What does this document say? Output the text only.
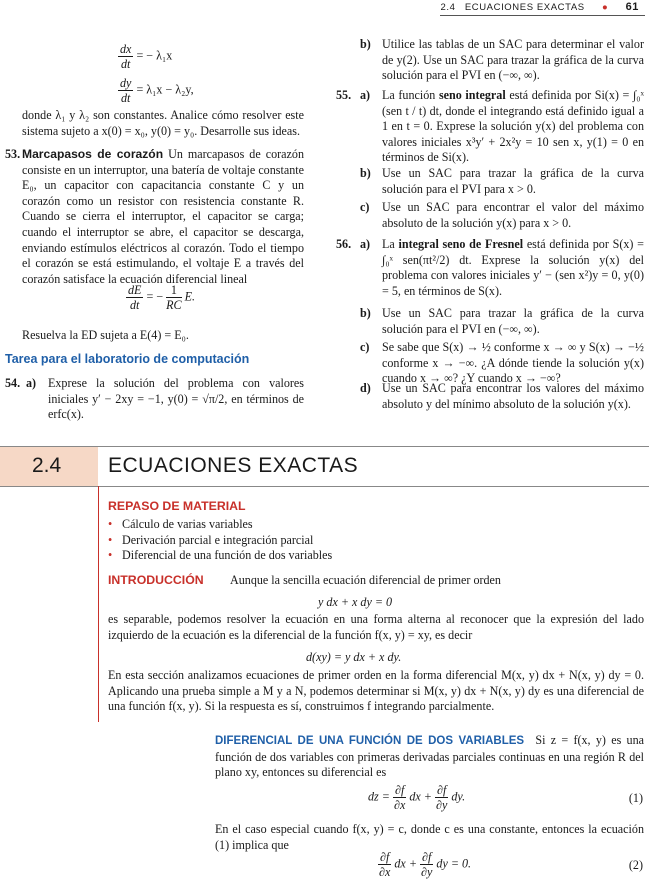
2.4 ECUACIONES EXACTAS ● 61
$\frac{dx}{dt}$ = − λ₁x
$\frac{dy}{dt} = \lambda_1x - \lambda_2y$,
donde λ₁ y λ₂ son constantes. Analice cómo resolver este sistema sujeto a x(0) = x₀, y(0) = y₀. Desarrolle sus ideas.
53. Marcapasos de corazón Un marcapasos de corazón consiste en un interruptor, una batería de voltaje constante E₀, un capacitor con capacitancia constante C y un corazón como un resistor con resistencia constante R. Cuando se cierra el interruptor, el capacitor se carga; cuando el interruptor se abre, el capacitor se descarga, enviando estímulos eléctricos al corazón. Todo el tiempo el corazón se está estimulando, el voltaje E a través del corazón satisface la ecuación diferencial lineal
$\frac{dE}{dt}$ = − $\frac{1}{RC} E$.
Resuelva la ED sujeta a E(4) = E₀.
Tarea para el laboratorio de computación
54. a) Exprese la solución del problema con valores iniciales y′ − 2xy = −1, y(0) = √π/2, en términos de erfc(x).
b) Utilice las tablas de un SAC para determinar el valor de y(2). Use un SAC para trazar la gráfica de la curva solución para el PVI en (−∞, ∞).
55. a) La función seno integral está definida por Si(x) = ∫₀ˣ (sen t / t) dt, donde el integrando está definido igual a 1 en t = 0. Exprese la solución y(x) del problema con valores iniciales x³y′ + 2x²y = 10 sen x, y(1) = 0 en términos de Si(x).
b) Use un SAC para trazar la gráfica de la curva solución para el PVI para x > 0.
c) Use un SAC para encontrar el valor del máximo absoluto de la solución y(x) para x > 0.
56. a) La integral seno de Fresnel está definida por S(x) = ∫₀ˣ sen(πt²/2) dt. Exprese la solución y(x) del problema con valores iniciales y′ − (sen x²)y = 0, y(0) = 5, en términos de S(x).
b) Use un SAC para trazar la gráfica de la curva solución para el PVI en (−∞, ∞).
c) Se sabe que S(x) → ½ conforme x → ∞ y S(x) → −½ conforme x → −∞. ¿A dónde tiende la solución y(x) cuando x → ∞? ¿Y cuando x → −∞?
d) Use un SAC para encontrar los valores del máximo absoluto y del mínimo absoluto de la solución y(x).
2.4 ECUACIONES EXACTAS
REPASO DE MATERIAL
• Cálculo de varias variables
• Derivación parcial e integración parcial
• Diferencial de una función de dos variables
INTRODUCCIÓN Aunque la sencilla ecuación diferencial de primer orden
y dx + x dy = 0
es separable, podemos resolver la ecuación en una forma alterna al reconocer que la expresión del lado izquierdo de la ecuación es la diferencial de la función f(x, y) = xy, es decir
d(xy) = y dx + x dy.
En esta sección analizamos ecuaciones de primer orden en la forma diferencial M(x, y) dx + N(x, y) dy = 0. Aplicando una prueba simple a M y a N, podemos determinar si M(x, y) dx + N(x, y) dy es una diferencial de una función f(x, y). Si la respuesta es sí, construimos f integrando parcialmente.
DIFERENCIAL DE UNA FUNCIÓN DE DOS VARIABLES Si z = f(x, y) es una función de dos variables con primeras derivadas parciales continuas en una región R del plano xy, entonces su diferencial es
dz = $\frac{\partial f}{\partial x}$ dx + $\frac{\partial f}{\partial y}$ dy.	(1)
En el caso especial cuando f(x, y) = c, donde c es una constante, entonces la ecuación (1) implica que
$\frac{\partial f}{\partial x}$ dx + $\frac{\partial f}{\partial y}$ dy = 0.	(2)
